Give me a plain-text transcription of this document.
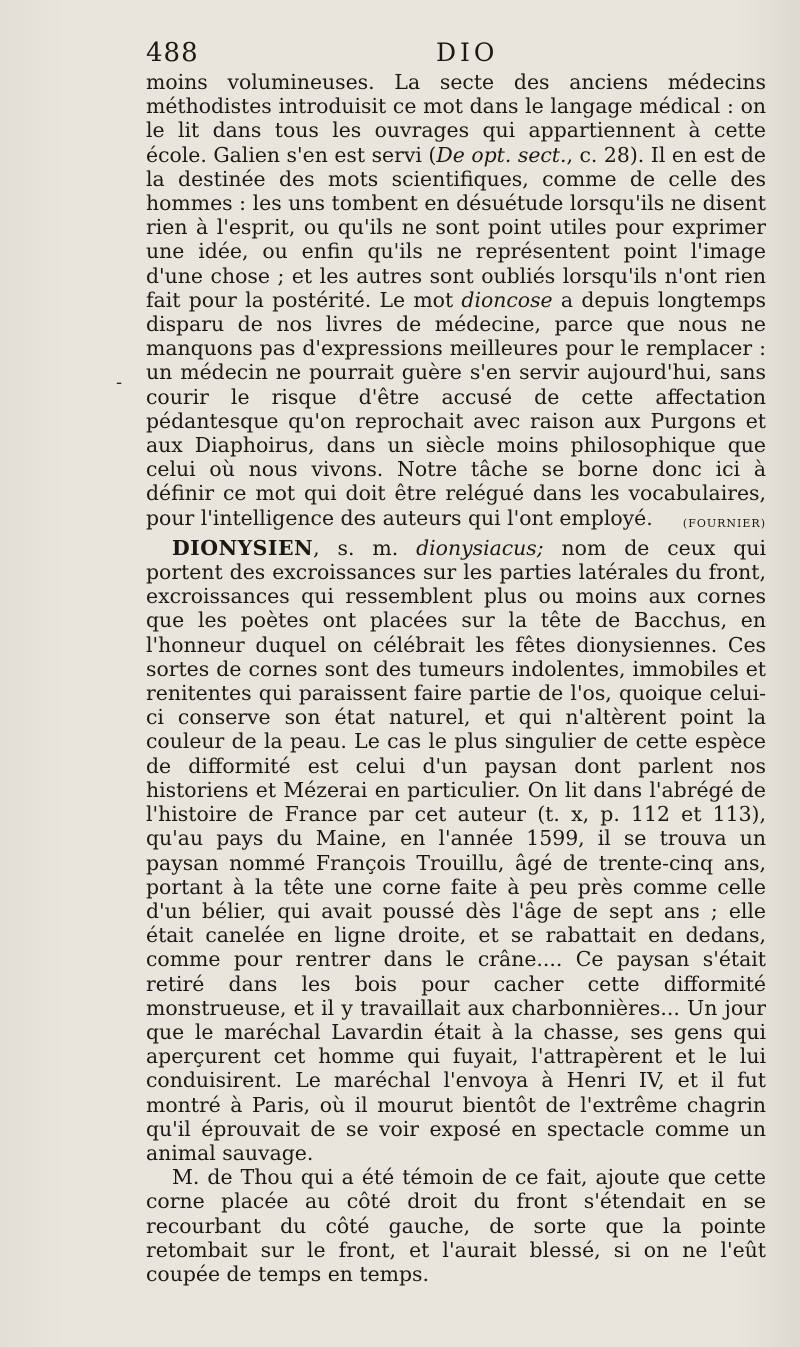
488	DIO
-

moins volumineuses. La secte des anciens médecins méthodistes introduisit ce mot dans le langage médical : on le lit dans tous les ouvrages qui appartiennent à cette école. Galien s'en est servi (De opt. sect., c. 28). Il en est de la destinée des mots scientifiques, comme de celle des hommes : les uns tombent en désuétude lorsqu'ils ne disent rien à l'esprit, ou qu'ils ne sont point utiles pour exprimer une idée, ou enfin qu'ils ne représentent point l'image d'une chose ; et les autres sont oubliés lorsqu'ils n'ont rien fait pour la postérité. Le mot dioncose a depuis longtemps disparu de nos livres de médecine, parce que nous ne manquons pas d'expressions meilleures pour le remplacer : un médecin ne pourrait guère s'en servir aujourd'hui, sans courir le risque d'être accusé de cette affectation pédantesque qu'on reprochait avec raison aux Purgons et aux Diaphoirus, dans un siècle moins philosophique que celui où nous vivons. Notre tâche se borne donc ici à définir ce mot qui doit être relégué dans les vocabulaires, pour l'intelligence des auteurs qui l'ont employé.	(FOURNIER)

DIONYSIEN, s. m. dionysiacus; nom de ceux qui portent des excroissances sur les parties latérales du front, excroissances qui ressemblent plus ou moins aux cornes que les poètes ont placées sur la tête de Bacchus, en l'honneur duquel on célébrait les fêtes dionysiennes. Ces sortes de cornes sont des tumeurs indolentes, immobiles et renitentes qui paraissent faire partie de l'os, quoique celui-ci conserve son état naturel, et qui n'altèrent point la couleur de la peau. Le cas le plus singulier de cette espèce de difformité est celui d'un paysan dont parlent nos historiens et Mézerai en particulier. On lit dans l'abrégé de l'histoire de France par cet auteur (t. x, p. 112 et 113), qu'au pays du Maine, en l'année 1599, il se trouva un paysan nommé François Trouillu, âgé de trente-cinq ans, portant à la tête une corne faite à peu près comme celle d'un bélier, qui avait poussé dès l'âge de sept ans ; elle était canelée en ligne droite, et se rabattait en dedans, comme pour rentrer dans le crâne.... Ce paysan s'était retiré dans les bois pour cacher cette difformité monstrueuse, et il y travaillait aux charbonnières... Un jour que le maréchal Lavardin était à la chasse, ses gens qui aperçurent cet homme qui fuyait, l'attrapèrent et le lui conduisirent. Le maréchal l'envoya à Henri IV, et il fut montré à Paris, où il mourut bientôt de l'extrême chagrin qu'il éprouvait de se voir exposé en spectacle comme un animal sauvage.

M. de Thou qui a été témoin de ce fait, ajoute que cette corne placée au côté droit du front s'étendait en se recourbant du côté gauche, de sorte que la pointe retombait sur le front, et l'aurait blessé, si on ne l'eût coupée de temps en temps.
